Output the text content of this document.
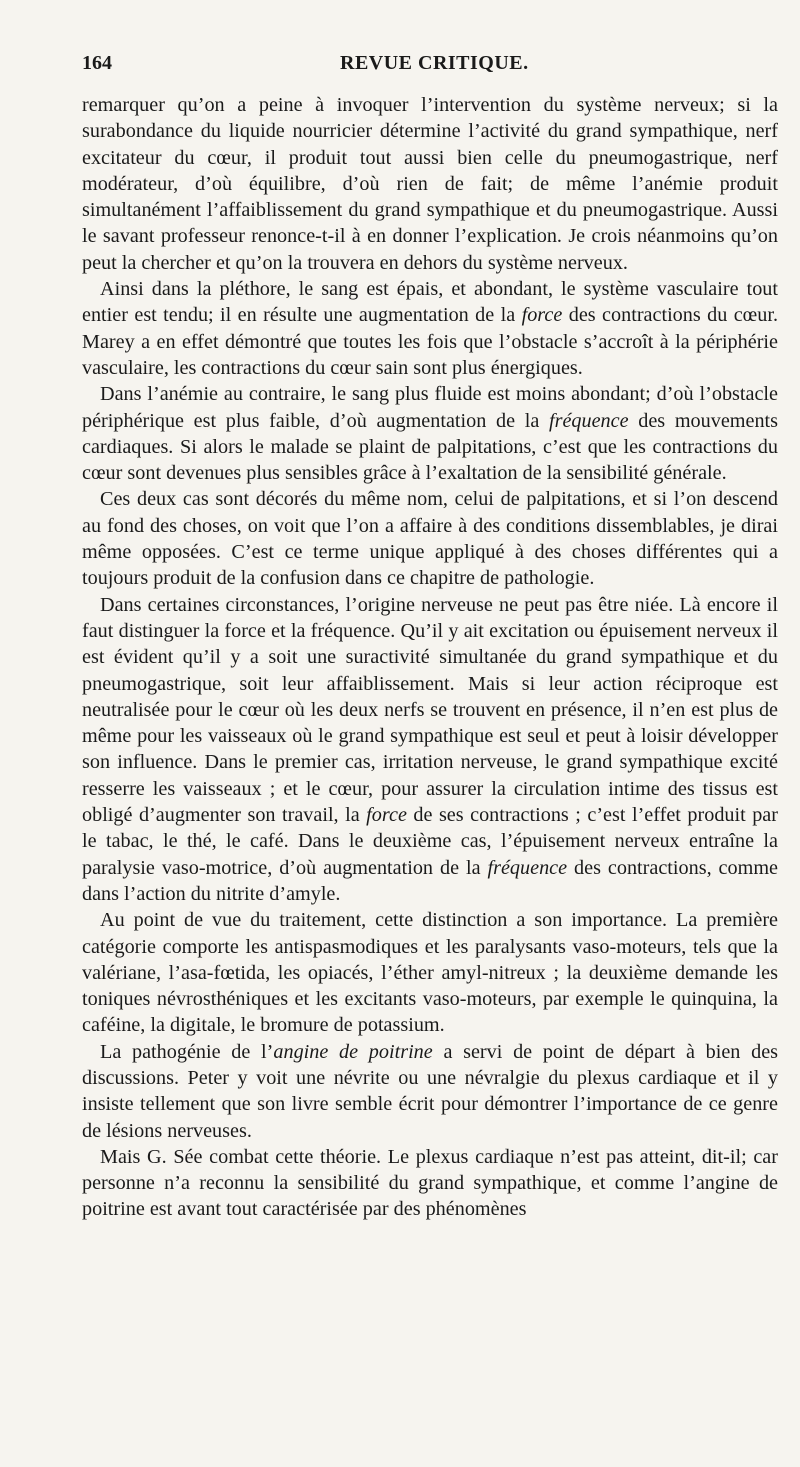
164	REVUE CRITIQUE.

remarquer qu’on a peine à invoquer l’intervention du système nerveux; si la surabondance du liquide nourricier détermine l’activité du grand sympathique, nerf excitateur du cœur, il produit tout aussi bien celle du pneumogastrique, nerf modérateur, d’où équilibre, d’où rien de fait; de même l’anémie produit simultanément l’affaiblissement du grand sympathique et du pneumogastrique. Aussi le savant professeur renonce-t-il à en donner l’explication. Je crois néanmoins qu’on peut la chercher et qu’on la trouvera en dehors du système nerveux.

Ainsi dans la pléthore, le sang est épais, et abondant, le système vasculaire tout entier est tendu; il en résulte une augmentation de la force des contractions du cœur. Marey a en effet démontré que toutes les fois que l’obstacle s’accroît à la périphérie vasculaire, les contractions du cœur sain sont plus énergiques.

Dans l’anémie au contraire, le sang plus fluide est moins abondant; d’où l’obstacle périphérique est plus faible, d’où augmentation de la fréquence des mouvements cardiaques. Si alors le malade se plaint de palpitations, c’est que les contractions du cœur sont devenues plus sensibles grâce à l’exaltation de la sensibilité générale.

Ces deux cas sont décorés du même nom, celui de palpitations, et si l’on descend au fond des choses, on voit que l’on a affaire à des conditions dissemblables, je dirai même opposées. C’est ce terme unique appliqué à des choses différentes qui a toujours produit de la confusion dans ce chapitre de pathologie.

Dans certaines circonstances, l’origine nerveuse ne peut pas être niée. Là encore il faut distinguer la force et la fréquence. Qu’il y ait excitation ou épuisement nerveux il est évident qu’il y a soit une suractivité simultanée du grand sympathique et du pneumogastrique, soit leur affaiblissement. Mais si leur action réciproque est neutralisée pour le cœur où les deux nerfs se trouvent en présence, il n’en est plus de même pour les vaisseaux où le grand sympathique est seul et peut à loisir développer son influence. Dans le premier cas, irritation nerveuse, le grand sympathique excité resserre les vaisseaux ; et le cœur, pour assurer la circulation intime des tissus est obligé d’augmenter son travail, la force de ses contractions ; c’est l’effet produit par le tabac, le thé, le café. Dans le deuxième cas, l’épuisement nerveux entraîne la paralysie vaso-motrice, d’où augmentation de la fréquence des contractions, comme dans l’action du nitrite d’amyle.

Au point de vue du traitement, cette distinction a son importance. La première catégorie comporte les antispasmodiques et les paralysants vaso-moteurs, tels que la valériane, l’asa-fœtida, les opiacés, l’éther amyl-nitreux ; la deuxième demande les toniques névrosthéniques et les excitants vaso-moteurs, par exemple le quinquina, la caféine, la digitale, le bromure de potassium.

La pathogénie de l’angine de poitrine a servi de point de départ à bien des discussions. Peter y voit une névrite ou une névralgie du plexus cardiaque et il y insiste tellement que son livre semble écrit pour démontrer l’importance de ce genre de lésions nerveuses.

Mais G. Sée combat cette théorie. Le plexus cardiaque n’est pas atteint, dit-il; car personne n’a reconnu la sensibilité du grand sympathique, et comme l’angine de poitrine est avant tout caractérisée par des phénomènes
